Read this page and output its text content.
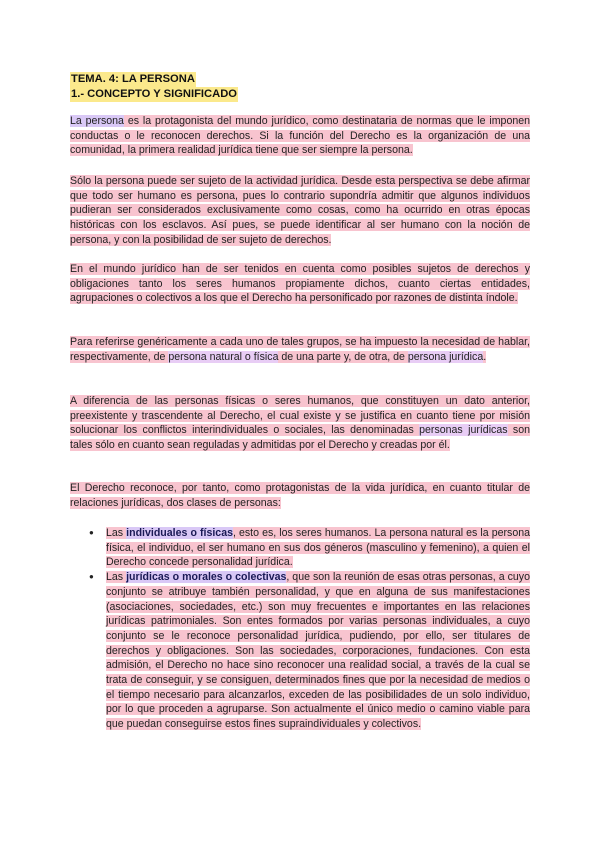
TEMA. 4: LA PERSONA
1.- CONCEPTO Y SIGNIFICADO

La persona es la protagonista del mundo jurídico, como destinataria de normas que le imponen conductas o le reconocen derechos. Si la función del Derecho es la organización de una comunidad, la primera realidad jurídica tiene que ser siempre la persona.

Sólo la persona puede ser sujeto de la actividad jurídica. Desde esta perspectiva se debe afirmar que todo ser humano es persona, pues lo contrario supondría admitir que algunos individuos pudieran ser considerados exclusivamente como cosas, como ha ocurrido en otras épocas históricas con los esclavos. Así pues, se puede identificar al ser humano con la noción de persona, y con la posibilidad de ser sujeto de derechos.

En el mundo jurídico han de ser tenidos en cuenta como posibles sujetos de derechos y obligaciones tanto los seres humanos propiamente dichos, cuanto ciertas entidades, agrupaciones o colectivos a los que el Derecho ha personificado por razones de distinta índole.

Para referirse genéricamente a cada uno de tales grupos, se ha impuesto la necesidad de hablar, respectivamente, de persona natural o física de una parte y, de otra, de persona jurídica.

A diferencia de las personas físicas o seres humanos, que constituyen un dato anterior, preexistente y trascendente al Derecho, el cual existe y se justifica en cuanto tiene por misión solucionar los conflictos interindividuales o sociales, las denominadas personas jurídicas son tales sólo en cuanto sean reguladas y admitidas por el Derecho y creadas por él.

El Derecho reconoce, por tanto, como protagonistas de la vida jurídica, en cuanto titular de relaciones jurídicas, dos clases de personas:

● Las individuales o físicas, esto es, los seres humanos. La persona natural es la persona física, el individuo, el ser humano en sus dos géneros (masculino y femenino), a quien el Derecho concede personalidad jurídica.
● Las jurídicas o morales o colectivas, que son la reunión de esas otras personas, a cuyo conjunto se atribuye también personalidad, y que en alguna de sus manifestaciones (asociaciones, sociedades, etc.) son muy frecuentes e importantes en las relaciones jurídicas patrimoniales. Son entes formados por varias personas individuales, a cuyo conjunto se le reconoce personalidad jurídica, pudiendo, por ello, ser titulares de derechos y obligaciones. Son las sociedades, corporaciones, fundaciones. Con esta admisión, el Derecho no hace sino reconocer una realidad social, a través de la cual se trata de conseguir, y se consiguen, determinados fines que por la necesidad de medios o el tiempo necesario para alcanzarlos, exceden de las posibilidades de un solo individuo, por lo que proceden a agruparse. Son actualmente el único medio o camino viable para que puedan conseguirse estos fines supraindividuales y colectivos.
